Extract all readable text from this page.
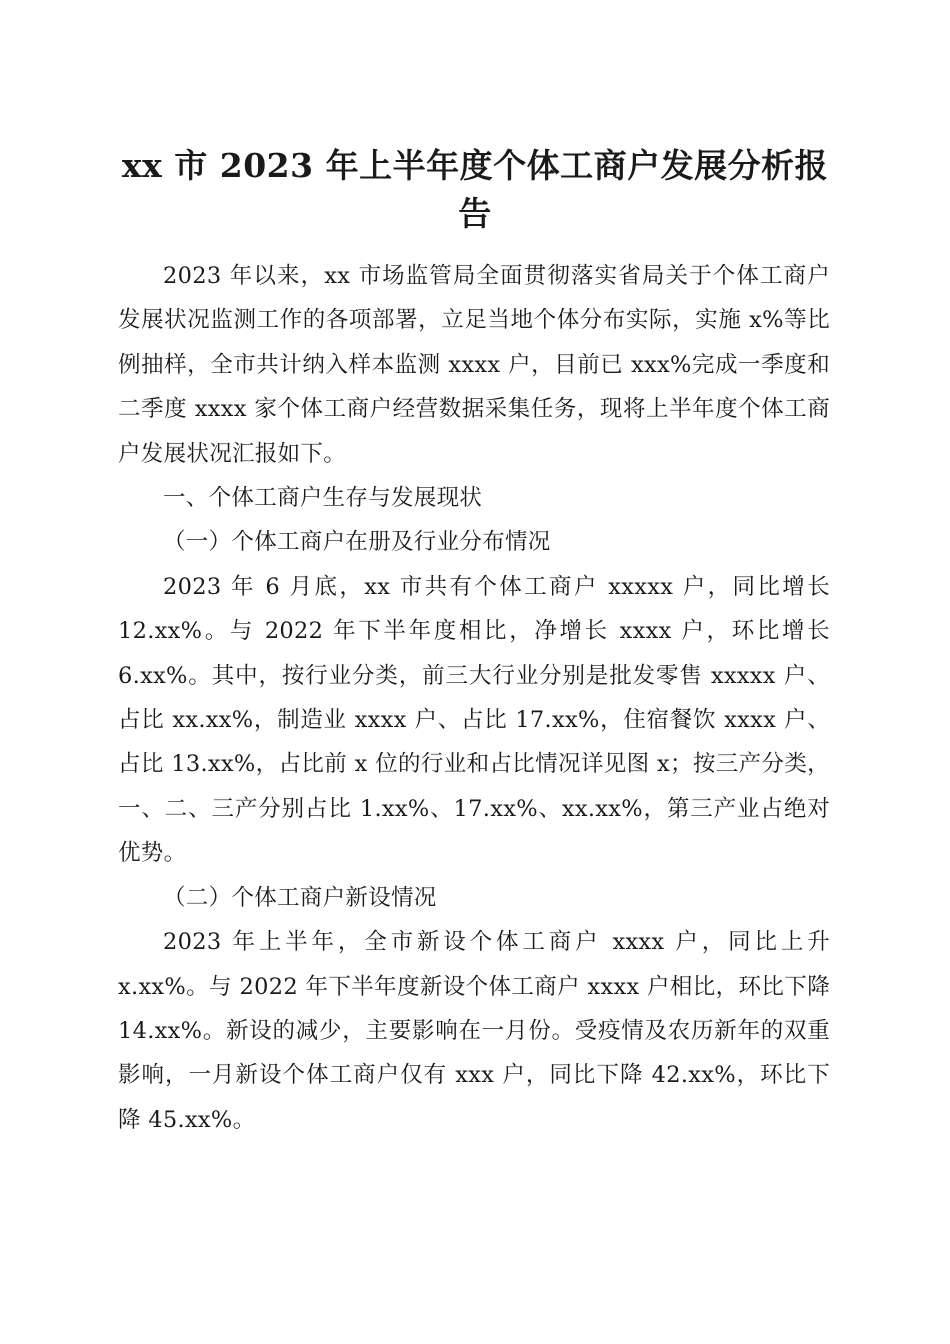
xx 市 2023 年上半年度个体工商户发展分析报告

2023 年以来，xx 市场监管局全面贯彻落实省局关于个体工商户发展状况监测工作的各项部署，立足当地个体分布实际，实施 x%等比例抽样，全市共计纳入样本监测 xxxx 户，目前已 xxx%完成一季度和二季度 xxxx 家个体工商户经营数据采集任务，现将上半年度个体工商户发展状况汇报如下。

一、个体工商户生存与发展现状

（一）个体工商户在册及行业分布情况

2023 年 6 月底，xx 市共有个体工商户 xxxxx 户，同比增长 12.xx%。与 2022 年下半年度相比，净增长 xxxx 户，环比增长 6.xx%。其中，按行业分类，前三大行业分别是批发零售 xxxxx 户、占比 xx.xx%，制造业 xxxx 户、占比 17.xx%，住宿餐饮 xxxx 户、占比 13.xx%，占比前 x 位的行业和占比情况详见图 x；按三产分类，一、二、三产分别占比 1.xx%、17.xx%、xx.xx%，第三产业占绝对优势。

（二）个体工商户新设情况

2023 年上半年，全市新设个体工商户 xxxx 户，同比上升 x.xx%。与 2022 年下半年度新设个体工商户 xxxx 户相比，环比下降 14.xx%。新设的减少，主要影响在一月份。受疫情及农历新年的双重影响，一月新设个体工商户仅有 xxx 户，同比下降 42.xx%，环比下降 45.xx%。
